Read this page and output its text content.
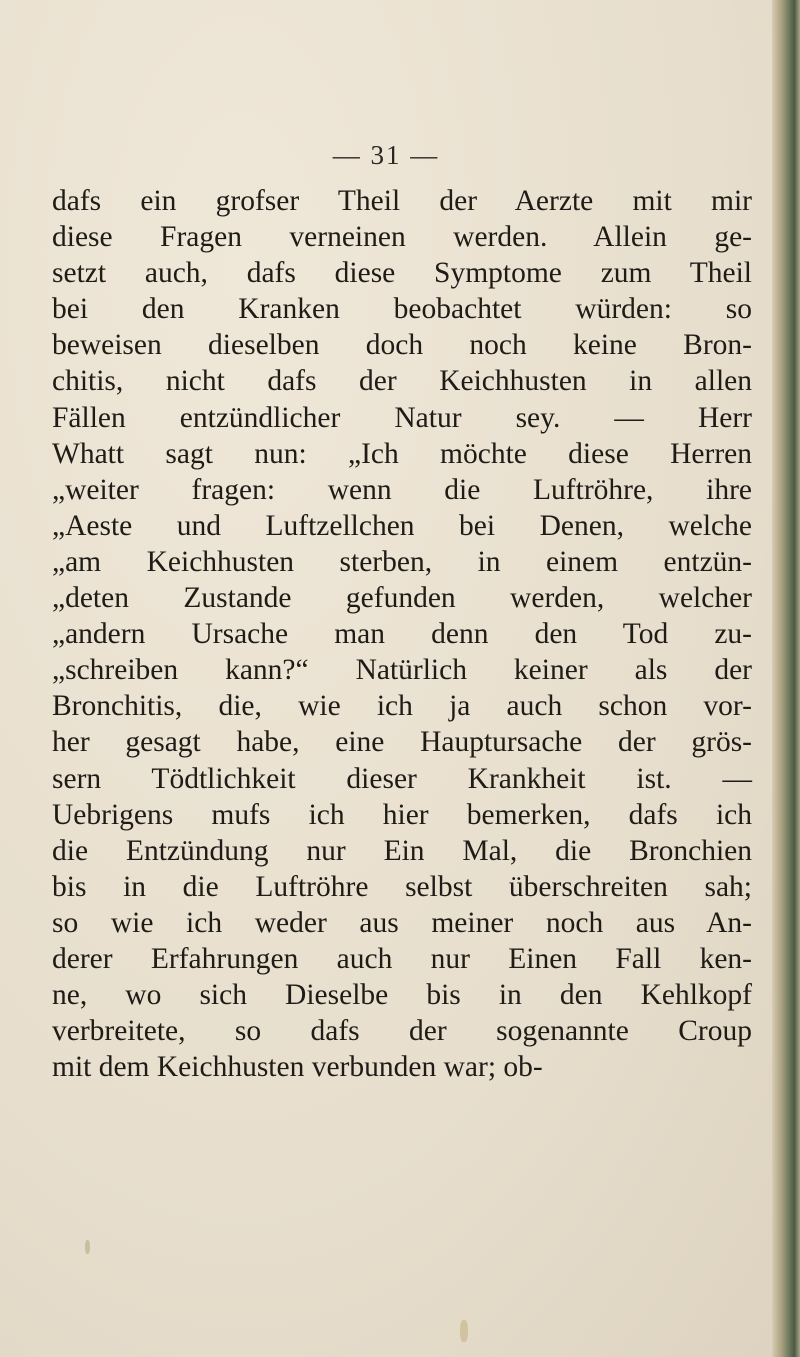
— 31 —
dafs ein grofser Theil der Aerzte mit mir
diese Fragen verneinen werden. Allein ge-
setzt auch, dafs diese Symptome zum Theil
bei den Kranken beobachtet würden: so
beweisen dieselben doch noch keine Bron-
chitis, nicht dafs der Keichhusten in allen
Fällen entzündlicher Natur sey. — Herr
Whatt sagt nun: „Ich möchte diese Herren
„weiter fragen: wenn die Luftröhre, ihre
„Aeste und Luftzellchen bei Denen, welche
„am Keichhusten sterben, in einem entzün-
„deten Zustande gefunden werden, welcher
„andern Ursache man denn den Tod zu-
„schreiben kann?“ Natürlich keiner als der
Bronchitis, die, wie ich ja auch schon vor-
her gesagt habe, eine Hauptursache der grös-
sern Tödtlichkeit dieser Krankheit ist. —
Uebrigens mufs ich hier bemerken, dafs ich
die Entzündung nur Ein Mal, die Bronchien
bis in die Luftröhre selbst überschreiten sah;
so wie ich weder aus meiner noch aus An-
derer Erfahrungen auch nur Einen Fall ken-
ne, wo sich Dieselbe bis in den Kehlkopf
verbreitete, so dafs der sogenannte Croup
mit dem Keichhusten verbunden war; ob-
